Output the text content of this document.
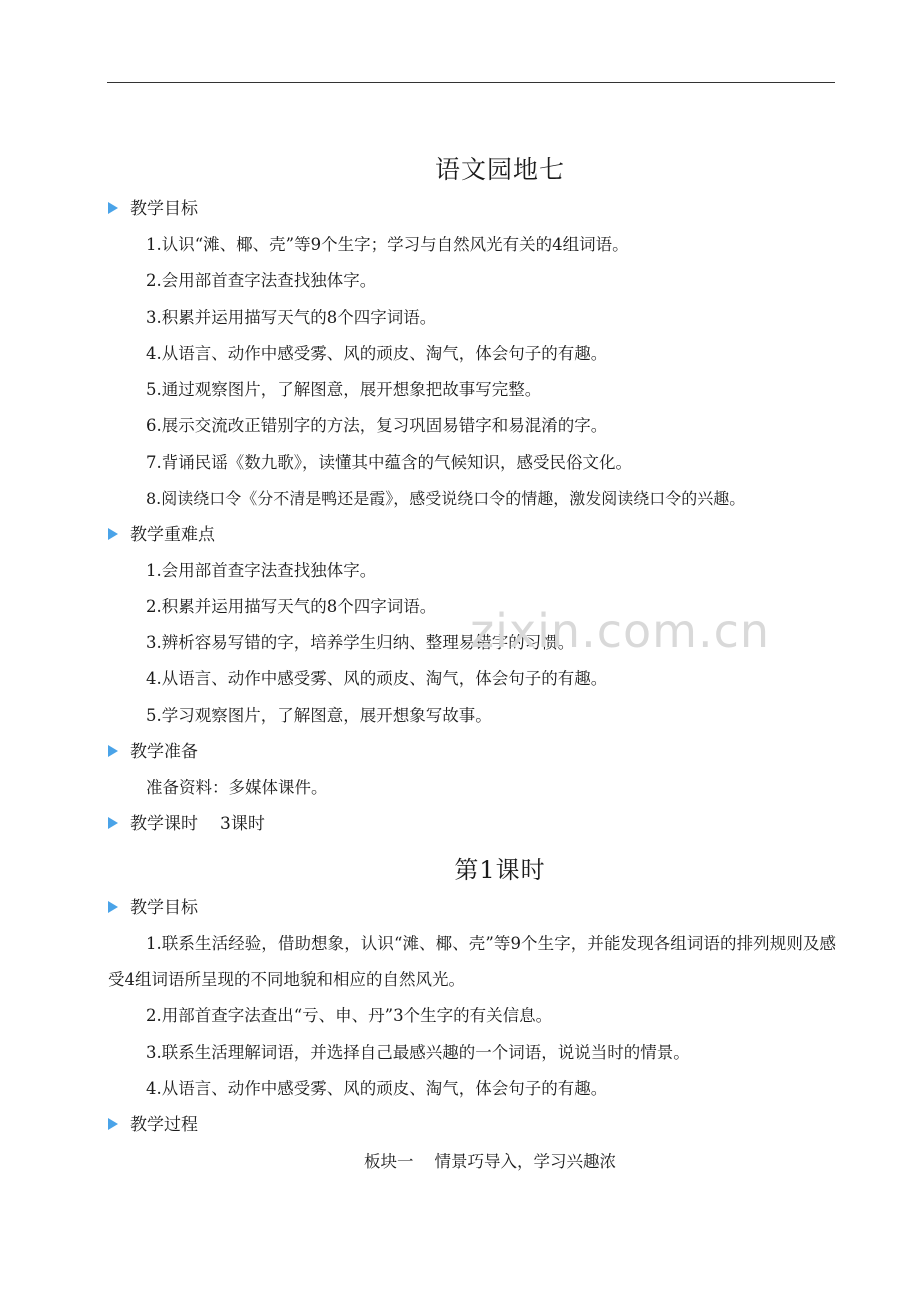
语文园地七
教学目标
1.认识“滩、椰、壳”等9个生字；学习与自然风光有关的4组词语。
2.会用部首查字法查找独体字。
3.积累并运用描写天气的8个四字词语。
4.从语言、动作中感受雾、风的顽皮、淘气，体会句子的有趣。
5.通过观察图片，了解图意，展开想象把故事写完整。
6.展示交流改正错别字的方法，复习巩固易错字和易混淆的字。
7.背诵民谣《数九歌》，读懂其中蕴含的气候知识，感受民俗文化。
8.阅读绕口令《分不清是鸭还是霞》，感受说绕口令的情趣，激发阅读绕口令的兴趣。
教学重难点
1.会用部首查字法查找独体字。
2.积累并运用描写天气的8个四字词语。
3.辨析容易写错的字，培养学生归纳、整理易错字的习惯。
4.从语言、动作中感受雾、风的顽皮、淘气，体会句子的有趣。
5.学习观察图片，了解图意，展开想象写故事。
教学准备
准备资料：多媒体课件。
教学课时 3课时
第1课时
教学目标
1.联系生活经验，借助想象，认识“滩、椰、壳”等9个生字，并能发现各组词语的排列规则及感受4组词语所呈现的不同地貌和相应的自然风光。
2.用部首查字法查出“亏、申、丹”3个生字的有关信息。
3.联系生活理解词语，并选择自己最感兴趣的一个词语，说说当时的情景。
4.从语言、动作中感受雾、风的顽皮、淘气，体会句子的有趣。
教学过程
板块一    情景巧导入，学习兴趣浓
zixin.com.cn
